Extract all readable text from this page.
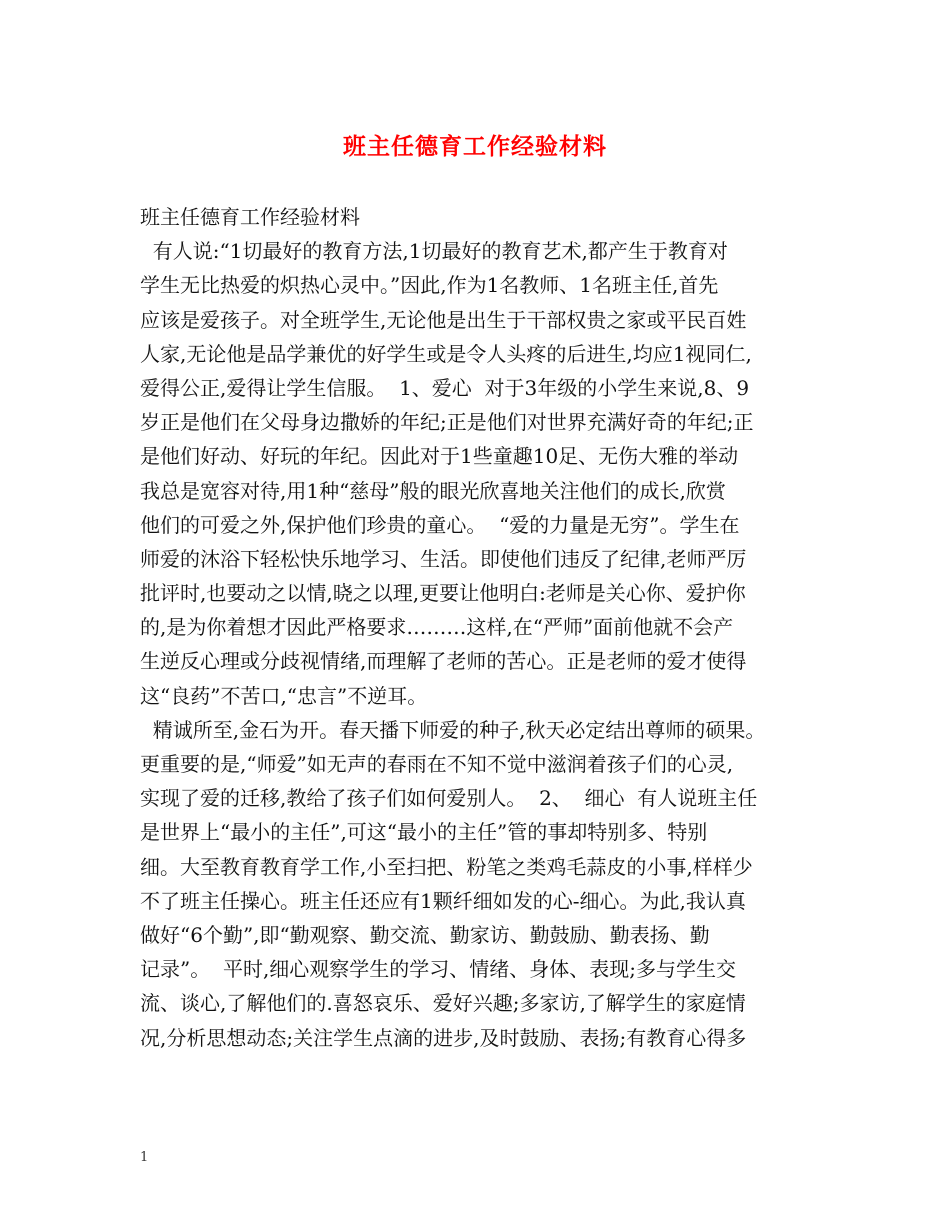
班主任德育工作经验材料
班主任德育工作经验材料
有人说:“1切最好的教育方法,1切最好的教育艺术,都产生于教育对
学生无比热爱的炽热心灵中。”因此,作为1名教师、1名班主任,首先
应该是爱孩子。对全班学生,无论他是出生于干部权贵之家或平民百姓
人家,无论他是品学兼优的好学生或是令人头疼的后进生,均应1视同仁,
爱得公正,爱得让学生信服。  1、爱心  对于3年级的小学生来说,8、9
岁正是他们在父母身边撒娇的年纪;正是他们对世界充满好奇的年纪;正
是他们好动、好玩的年纪。因此对于1些童趣10足、无伤大雅的举动
我总是宽容对待,用1种“慈母”般的眼光欣喜地关注他们的成长,欣赏
他们的可爱之外,保护他们珍贵的童心。  “爱的力量是无穷”。学生在
师爱的沐浴下轻松快乐地学习、生活。即使他们违反了纪律,老师严厉
批评时,也要动之以情,晓之以理,更要让他明白:老师是关心你、爱护你
的,是为你着想才因此严格要求………这样,在“严师”面前他就不会产
生逆反心理或分歧视情绪,而理解了老师的苦心。正是老师的爱才使得
这“良药”不苦口,“忠言”不逆耳。
精诚所至,金石为开。春天播下师爱的种子,秋天必定结出尊师的硕果。
更重要的是,“师爱”如无声的春雨在不知不觉中滋润着孩子们的心灵,
实现了爱的迁移,教给了孩子们如何爱别人。  2、  细心  有人说班主任
是世界上“最小的主任”,可这“最小的主任”管的事却特别多、特别
细。大至教育教育学工作,小至扫把、粉笔之类鸡毛蒜皮的小事,样样少
不了班主任操心。班主任还应有1颗纤细如发的心-细心。为此,我认真
做好“6个勤”,即“勤观察、勤交流、勤家访、勤鼓励、勤表扬、勤
记录”。  平时,细心观察学生的学习、情绪、身体、表现;多与学生交
流、谈心,了解他们的.喜怒哀乐、爱好兴趣;多家访,了解学生的家庭情
况,分析思想动态;关注学生点滴的进步,及时鼓励、表扬;有教育心得多
1
